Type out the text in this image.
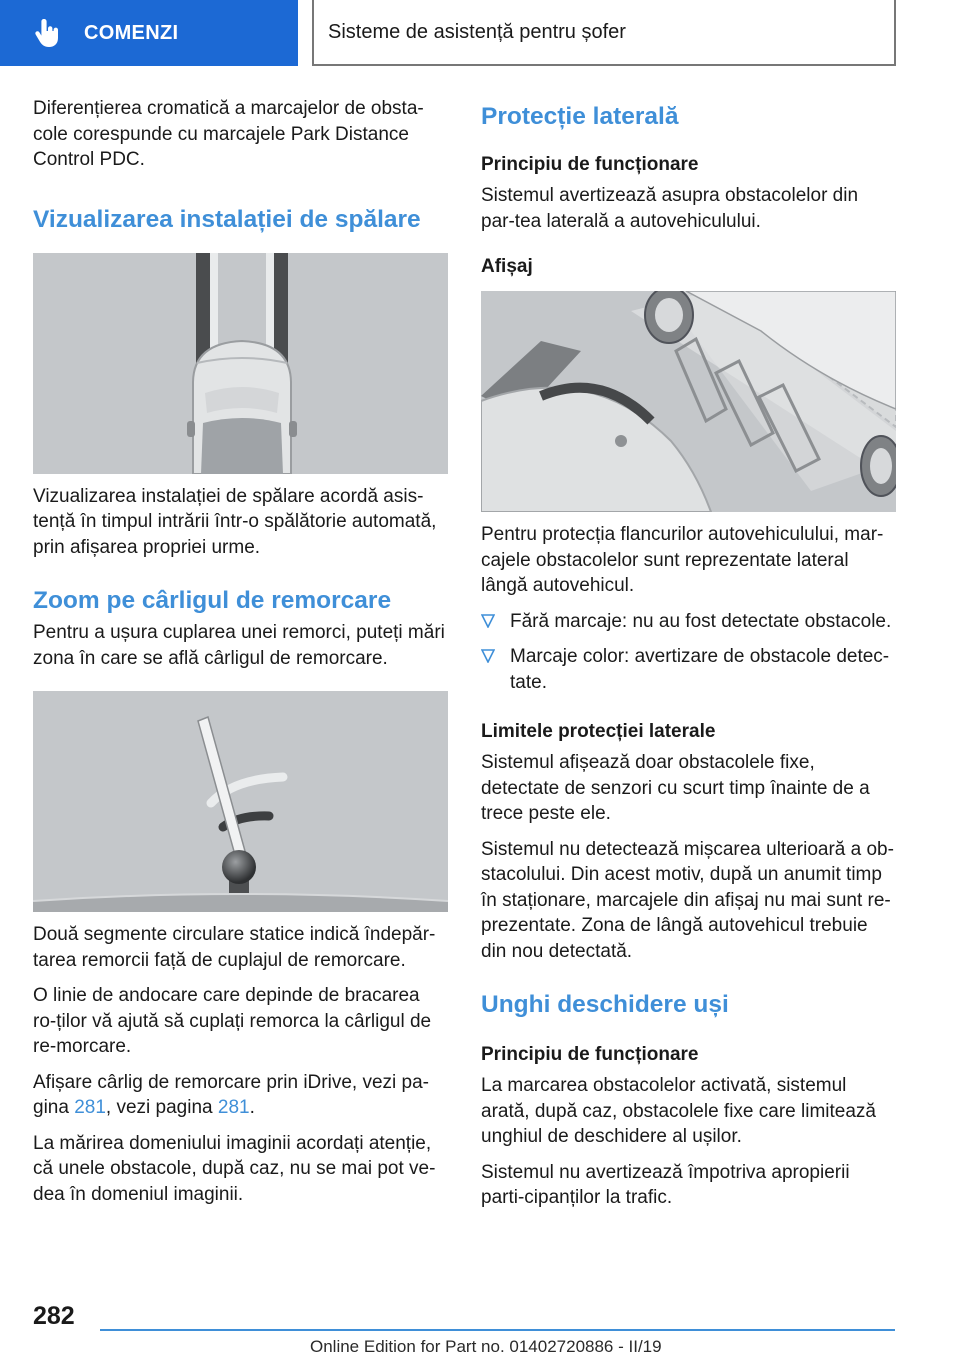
COMENZI	Sisteme de asistență pentru șofer

Diferențierea cromatică a marcajelor de obsta-cole corespunde cu marcajele Park Distance Control PDC.

Vizualizarea instalației de spălare

Vizualizarea instalației de spălare acordă asis-tență în timpul intrării într-o spălătorie automată, prin afișarea propriei urme.

Zoom pe cârligul de remorcare

Pentru a ușura cuplarea unei remorci, puteți mări zona în care se află cârligul de remorcare.

Două segmente circulare statice indică îndepăr-tarea remorcii față de cuplajul de remorcare.

O linie de andocare care depinde de bracarea ro-ților vă ajută să cuplați remorca la cârligul de re-morcare.

Afișare cârlig de remorcare prin iDrive, vezi pa-gina 281, vezi pagina 281.

La mărirea domeniului imaginii acordați atenție, că unele obstacole, după caz, nu se mai pot ve-dea în domeniul imaginii.

Protecție laterală
Principiu de funcționare

Sistemul avertizează asupra obstacolelor din par-tea laterală a autovehiculului.

Afișaj

Pentru protecția flancurilor autovehiculului, mar-cajele obstacolelor sunt reprezentate lateral lângă autovehicul.

Fără marcaje: nu au fost detectate obstacole.
Marcaje color: avertizare de obstacole detec-tate.
Limitele protecției laterale

Sistemul afișează doar obstacolele fixe, detectate de senzori cu scurt timp înainte de a trece peste ele.

Sistemul nu detectează mișcarea ulterioară a ob-stacolului. Din acest motiv, după un anumit timp în staționare, marcajele din afișaj nu mai sunt re-prezentate. Zona de lângă autovehicul trebuie din nou detectată.

Unghi deschidere uși
Principiu de funcționare

La marcarea obstacolelor activată, sistemul arată, după caz, obstacolele fixe care limitează unghiul de deschidere al ușilor.

Sistemul nu avertizează împotriva apropierii parti-cipanților la trafic.

282
Online Edition for Part no. 01402720886 - II/19
